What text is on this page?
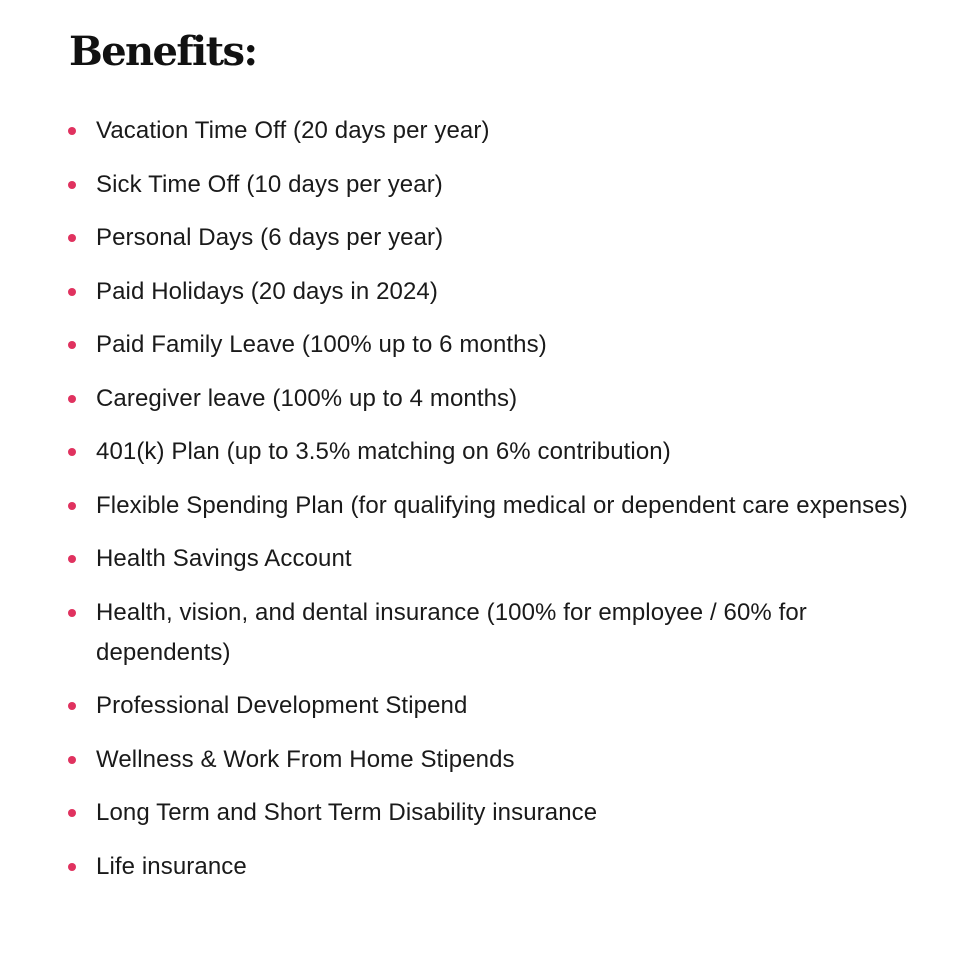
Benefits:
Vacation Time Off (20 days per year)
Sick Time Off (10 days per year)
Personal Days (6 days per year)
Paid Holidays (20 days in 2024)
Paid Family Leave (100% up to 6 months)
Caregiver leave (100% up to 4 months)
401(k) Plan (up to 3.5% matching on 6% contribution)
Flexible Spending Plan (for qualifying medical or dependent care expenses)
Health Savings Account
Health, vision, and dental insurance (100% for employee / 60% for dependents)
Professional Development Stipend
Wellness & Work From Home Stipends
Long Term and Short Term Disability insurance
Life insurance
